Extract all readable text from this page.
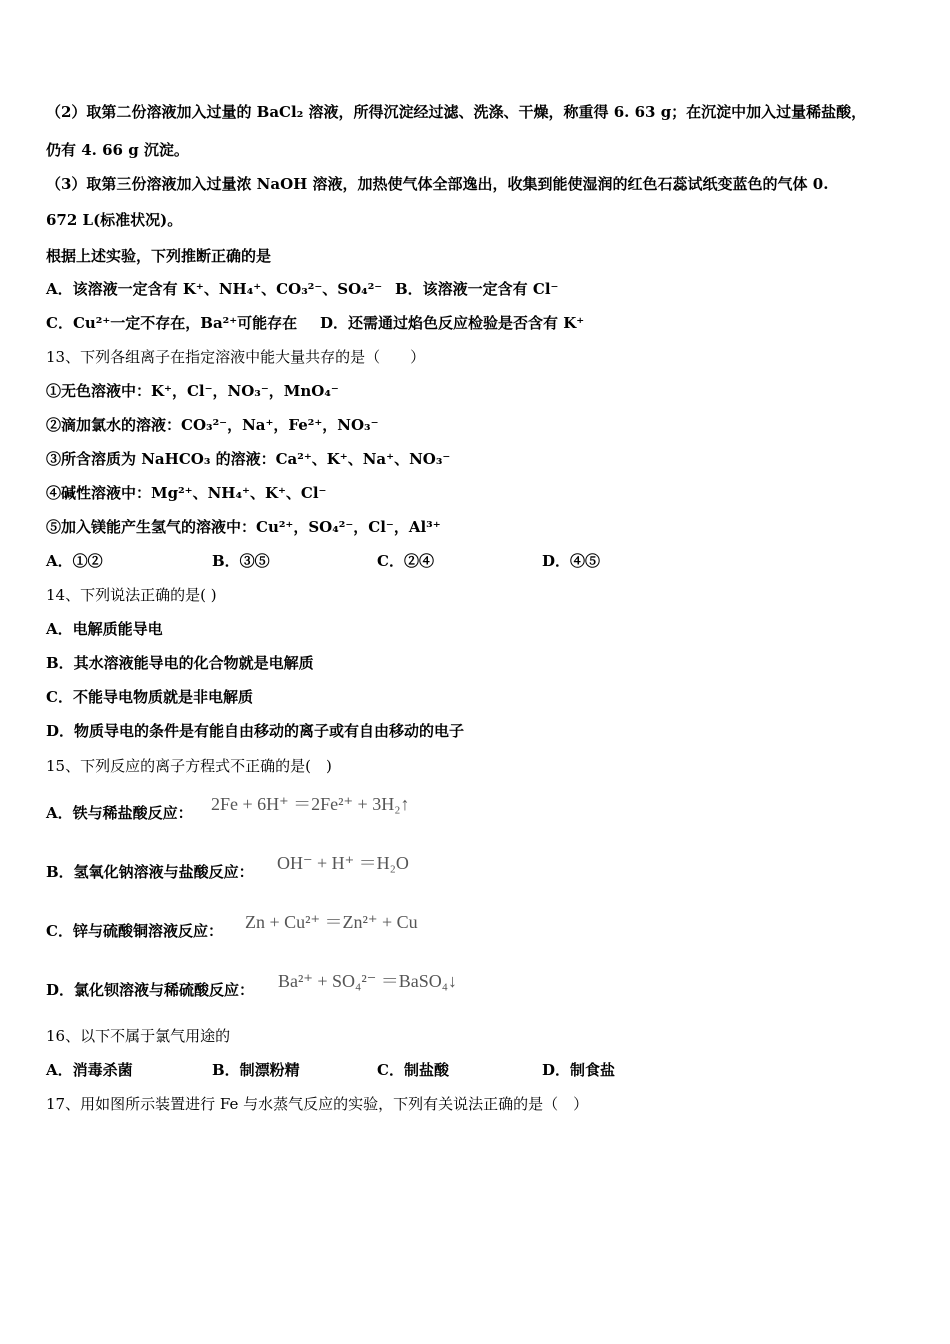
（2）取第二份溶液加入过量的 BaCl₂ 溶液，所得沉淀经过滤、洗涤、干燥，称重得 6. 63 g；在沉淀中加入过量稀盐酸，
仍有 4. 66 g 沉淀。
（3）取第三份溶液加入过量浓 NaOH 溶液，加热使气体全部逸出，收集到能使湿润的红色石蕊试纸变蓝色的气体 0.
672 L(标准状况)。
根据上述实验，下列推断正确的是
A．该溶液一定含有 K⁺、NH₄⁺、CO₃²⁻、SO₄²⁻ B．该溶液一定含有 Cl⁻
C．Cu²⁺一定不存在，Ba²⁺可能存在 D．还需通过焰色反应检验是否含有 K⁺
13、下列各组离子在指定溶液中能大量共存的是（　　）
①无色溶液中：K⁺，Cl⁻，NO₃⁻，MnO₄⁻
②滴加氯水的溶液：CO₃²⁻，Na⁺，Fe²⁺，NO₃⁻
③所含溶质为 NaHCO₃ 的溶液：Ca²⁺、K⁺、Na⁺、NO₃⁻
④碱性溶液中：Mg²⁺、NH₄⁺、K⁺、Cl⁻
⑤加入镁能产生氢气的溶液中：Cu²⁺，SO₄²⁻，Cl⁻，Al³⁺
A．①②	B．③⑤	C．②④	D．④⑤
14、下列说法正确的是( )
A．电解质能导电
B．其水溶液能导电的化合物就是电解质
C．不能导电物质就是非电解质
D．物质导电的条件是有能自由移动的离子或有自由移动的电子
15、下列反应的离子方程式不正确的是(　)
A．铁与稀盐酸反应： 2Fe + 6H⁺ ＝2Fe²⁺ + 3H₂↑
B．氢氧化钠溶液与盐酸反应： OH⁻ + H⁺ ＝H₂O
C．锌与硫酸铜溶液反应： Zn + Cu²⁺ ＝Zn²⁺ + Cu
D．氯化钡溶液与稀硫酸反应： Ba²⁺ + SO₄²⁻ ＝BaSO₄↓
16、以下不属于氯气用途的
A．消毒杀菌	B．制漂粉精	C．制盐酸	D．制食盐
17、用如图所示装置进行 Fe 与水蒸气反应的实验，下列有关说法正确的是（　）
